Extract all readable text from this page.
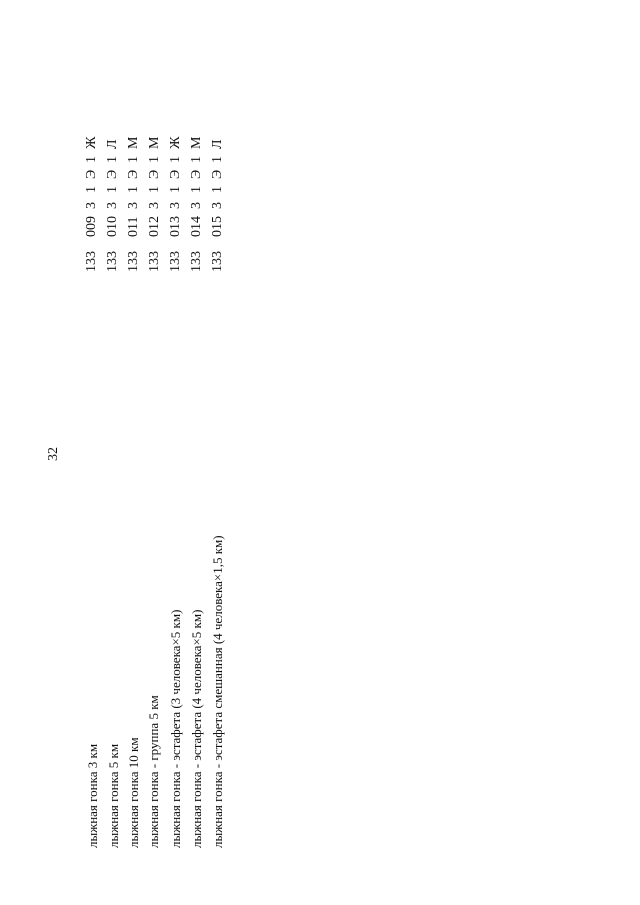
32
лыжная гонка 3 км лыжная гонка 5 км лыжная гонка 10 км лыжная гонка - группа 5 км лыжная гонка - эстафета (3 человека×5 км) лыжная гонка - эстафета (4 человека×5 км) лыжная гонка - эстафета смешанная (4 человека×1,5 км)
13300931Э1Ж
13301031Э1Л
13301131Э1М
13301231Э1М
13301331Э1Ж
13301431Э1М
13301531Э1Л
